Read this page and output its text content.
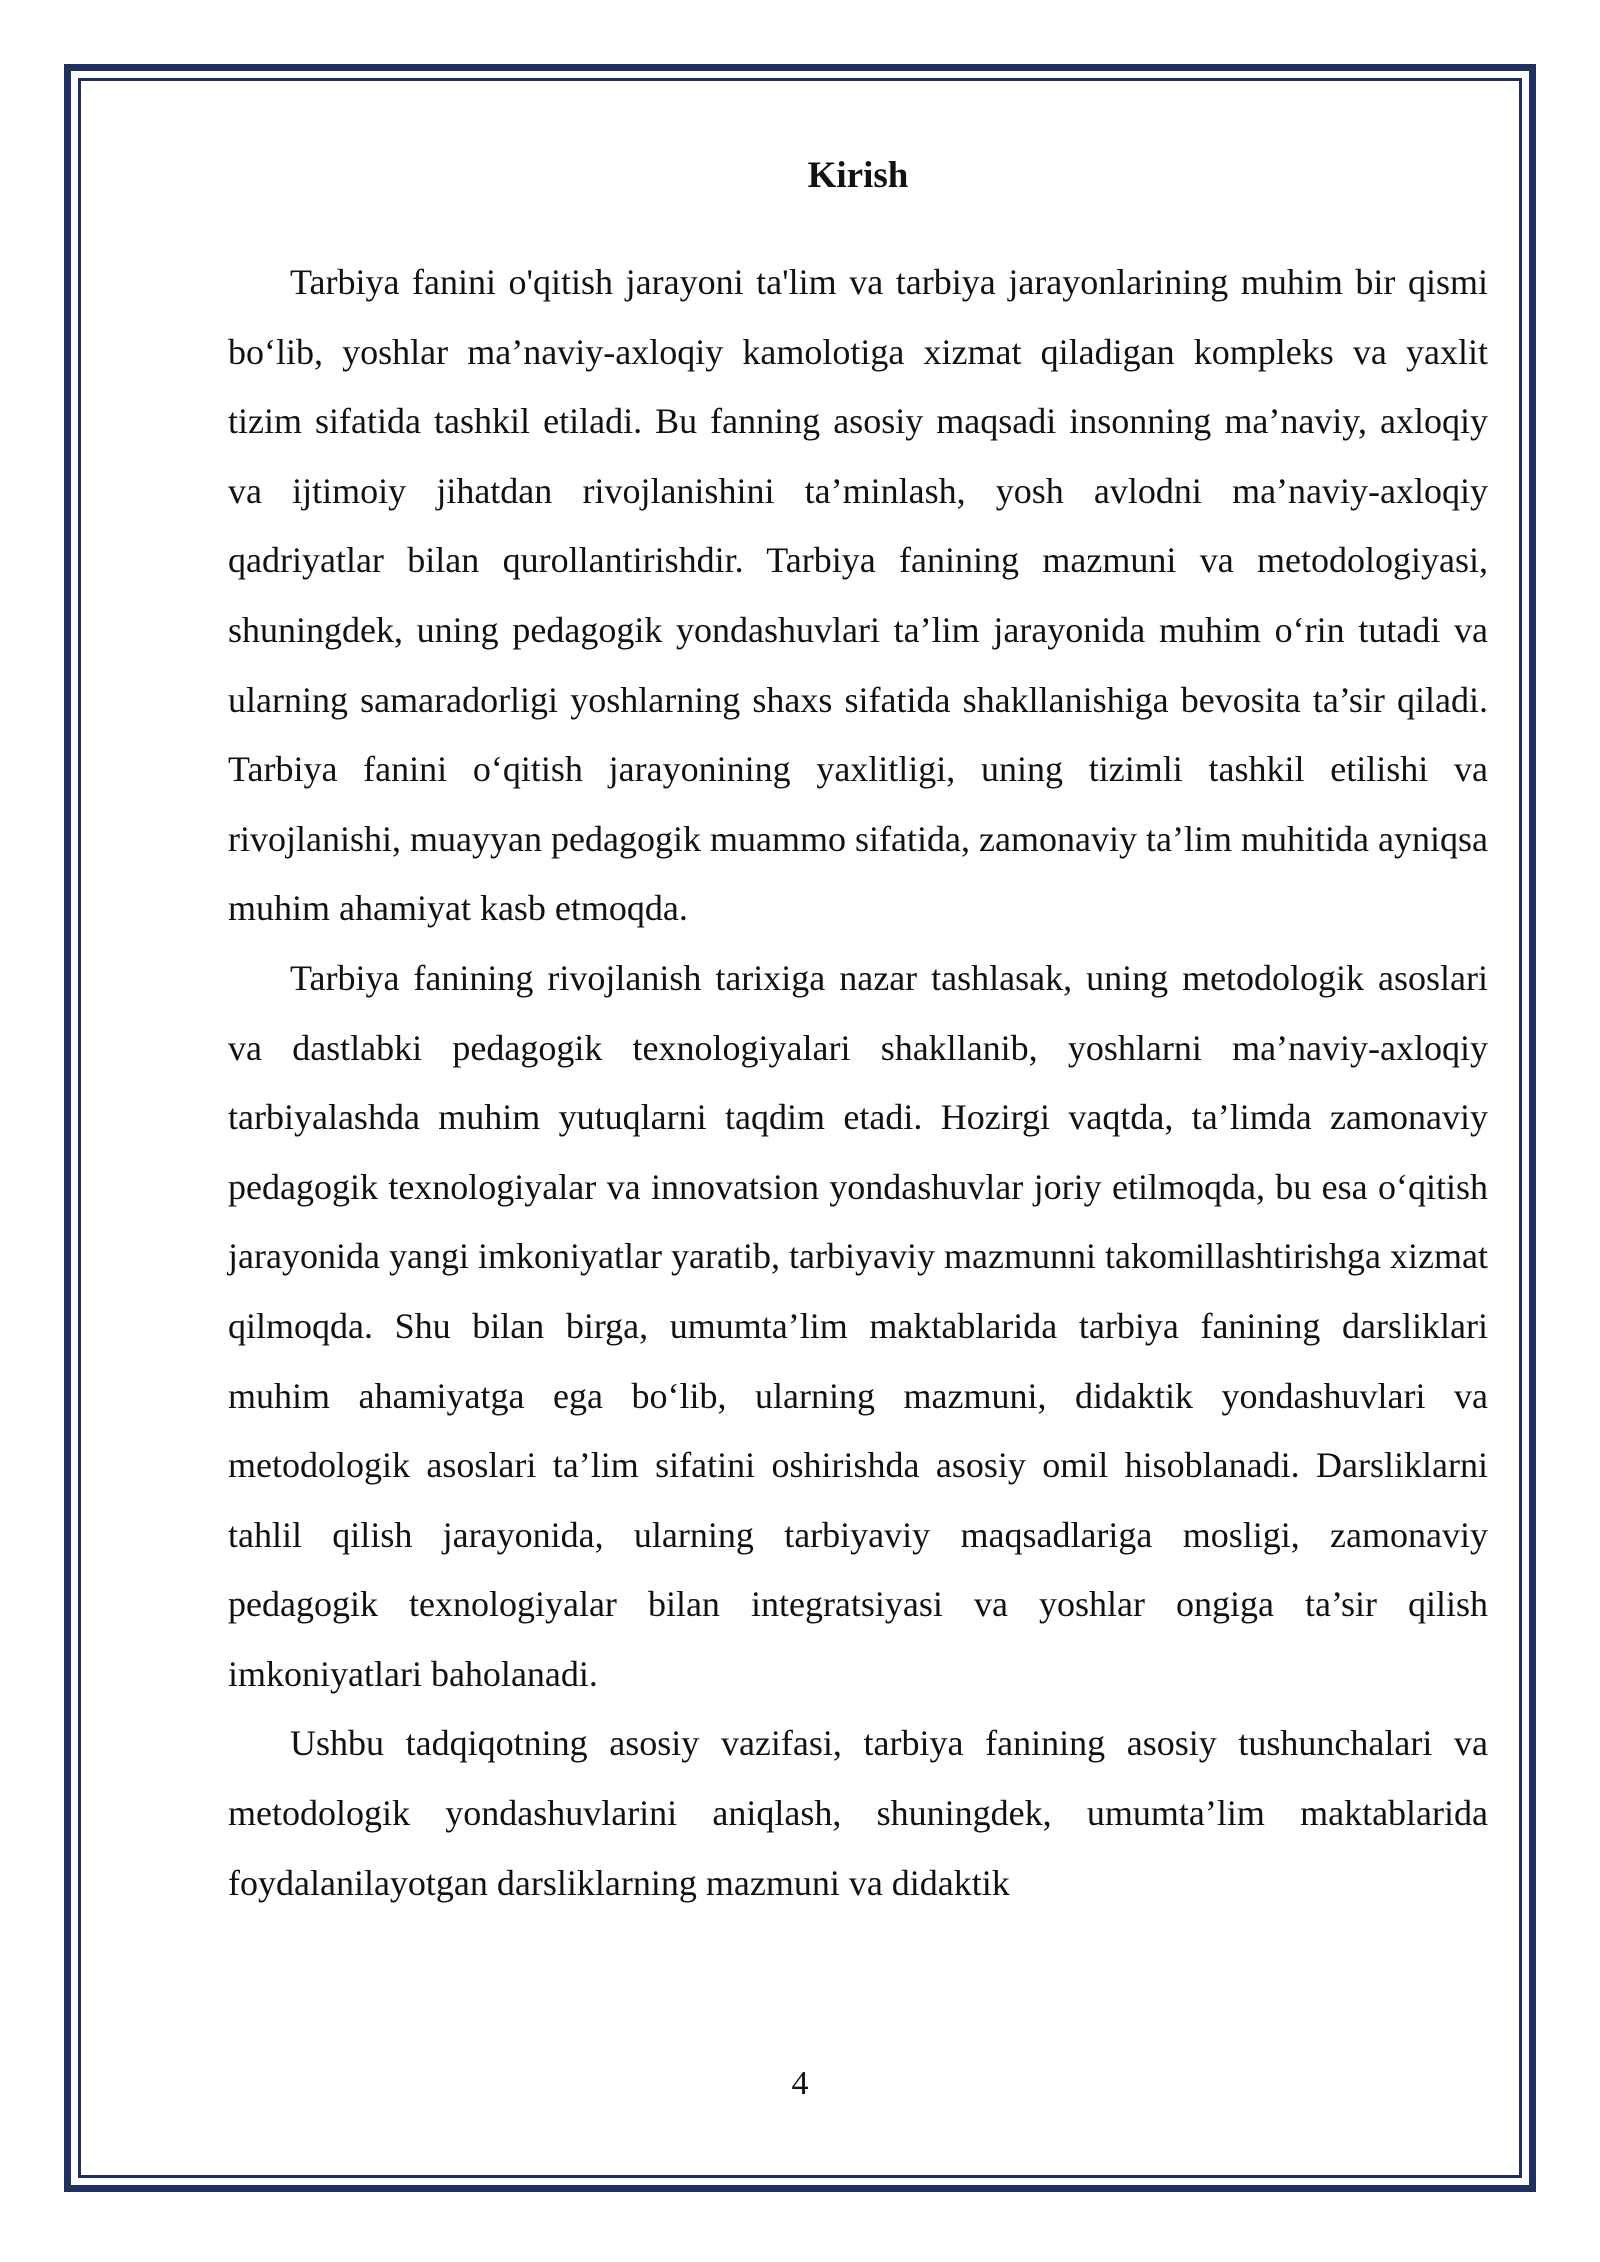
Kirish

Tarbiya fanini o'qitish jarayoni ta'lim va tarbiya jarayonlarining muhim bir qismi bo‘lib, yoshlar ma’naviy-axloqiy kamolotiga xizmat qiladigan kompleks va yaxlit tizim sifatida tashkil etiladi. Bu fanning asosiy maqsadi insonning ma’naviy, axloqiy va ijtimoiy jihatdan rivojlanishini ta’minlash, yosh avlodni ma’naviy-axloqiy qadriyatlar bilan qurollantirishdir. Tarbiya fanining mazmuni va metodologiyasi, shuningdek, uning pedagogik yondashuvlari ta’lim jarayonida muhim o‘rin tutadi va ularning samaradorligi yoshlarning shaxs sifatida shakllanishiga bevosita ta’sir qiladi. Tarbiya fanini o‘qitish jarayonining yaxlitligi, uning tizimli tashkil etilishi va rivojlanishi, muayyan pedagogik muammo sifatida, zamonaviy ta’lim muhitida ayniqsa muhim ahamiyat kasb etmoqda.

Tarbiya fanining rivojlanish tarixiga nazar tashlasak, uning metodologik asoslari va dastlabki pedagogik texnologiyalari shakllanib, yoshlarni ma’naviy-axloqiy tarbiyalashda muhim yutuqlarni taqdim etadi. Hozirgi vaqtda, ta’limda zamonaviy pedagogik texnologiyalar va innovatsion yondashuvlar joriy etilmoqda, bu esa o‘qitish jarayonida yangi imkoniyatlar yaratib, tarbiyaviy mazmunni takomillashtirishga xizmat qilmoqda. Shu bilan birga, umumta’lim maktablarida tarbiya fanining darsliklari muhim ahamiyatga ega bo‘lib, ularning mazmuni, didaktik yondashuvlari va metodologik asoslari ta’lim sifatini oshirishda asosiy omil hisoblanadi. Darsliklarni tahlil qilish jarayonida, ularning tarbiyaviy maqsadlariga mosligi, zamonaviy pedagogik texnologiyalar bilan integratsiyasi va yoshlar ongiga ta’sir qilish imkoniyatlari baholanadi.

Ushbu tadqiqotning asosiy vazifasi, tarbiya fanining asosiy tushunchalari va metodologik yondashuvlarini aniqlash, shuningdek, umumta’lim maktablarida foydalanilayotgan darsliklarning mazmuni va didaktik

4
